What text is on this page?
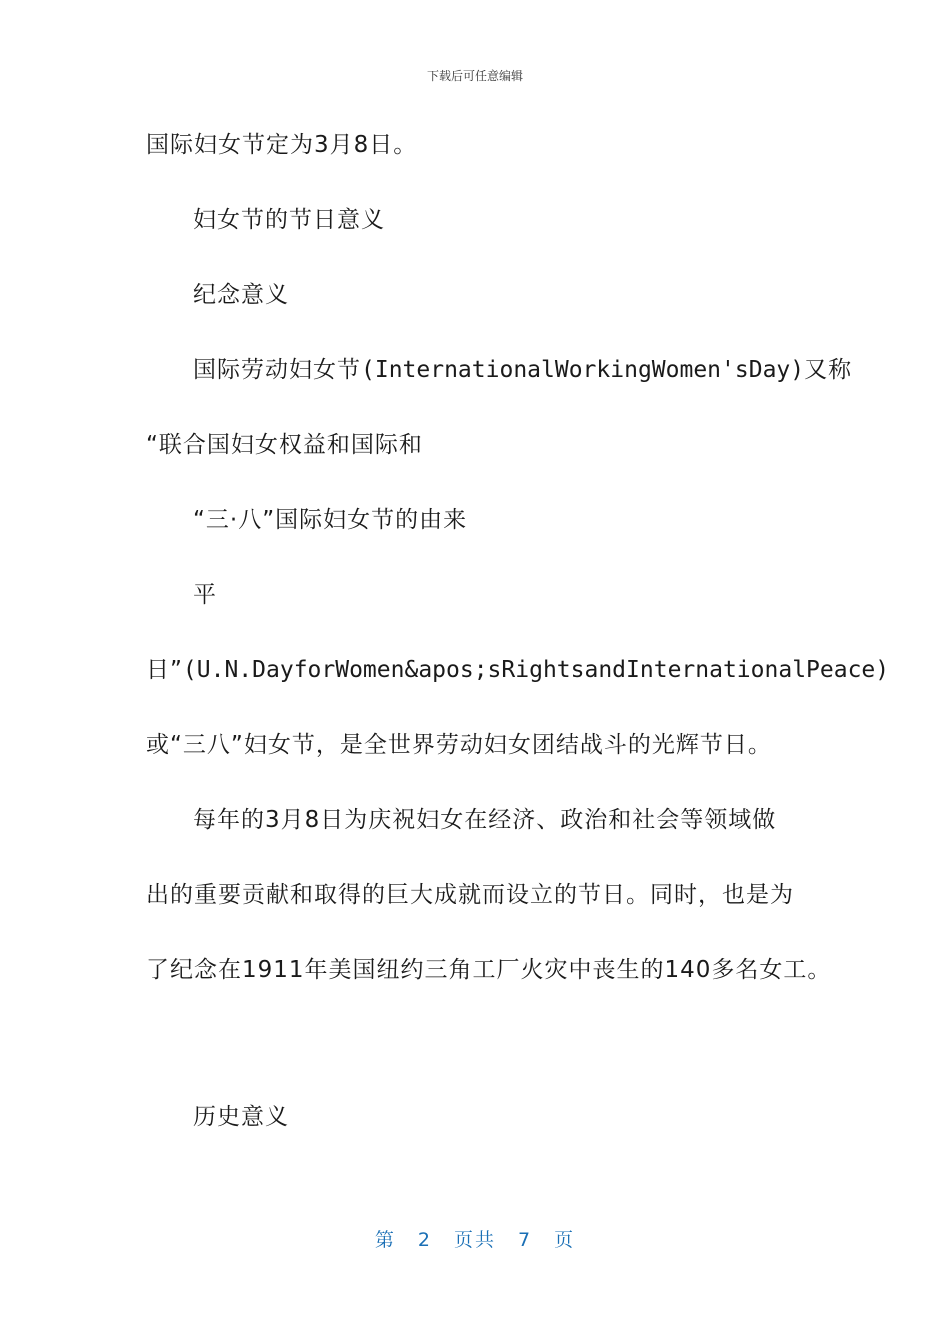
下载后可任意编辑
国际妇女节定为3月8日。
妇女节的节日意义
纪念意义
国际劳动妇女节(InternationalWorkingWomen'sDay)又称
“联合国妇女权益和国际和
“三·八”国际妇女节的由来
平
日”(U.N.DayforWomen&apos;sRightsandInternationalPeace)
或“三八”妇女节，是全世界劳动妇女团结战斗的光辉节日。
每年的3月8日为庆祝妇女在经济、政治和社会等领域做
出的重要贡献和取得的巨大成就而设立的节日。同时，也是为
了纪念在1911年美国纽约三角工厂火灾中丧生的140多名女工。
历史意义
第 2 页共 7 页
